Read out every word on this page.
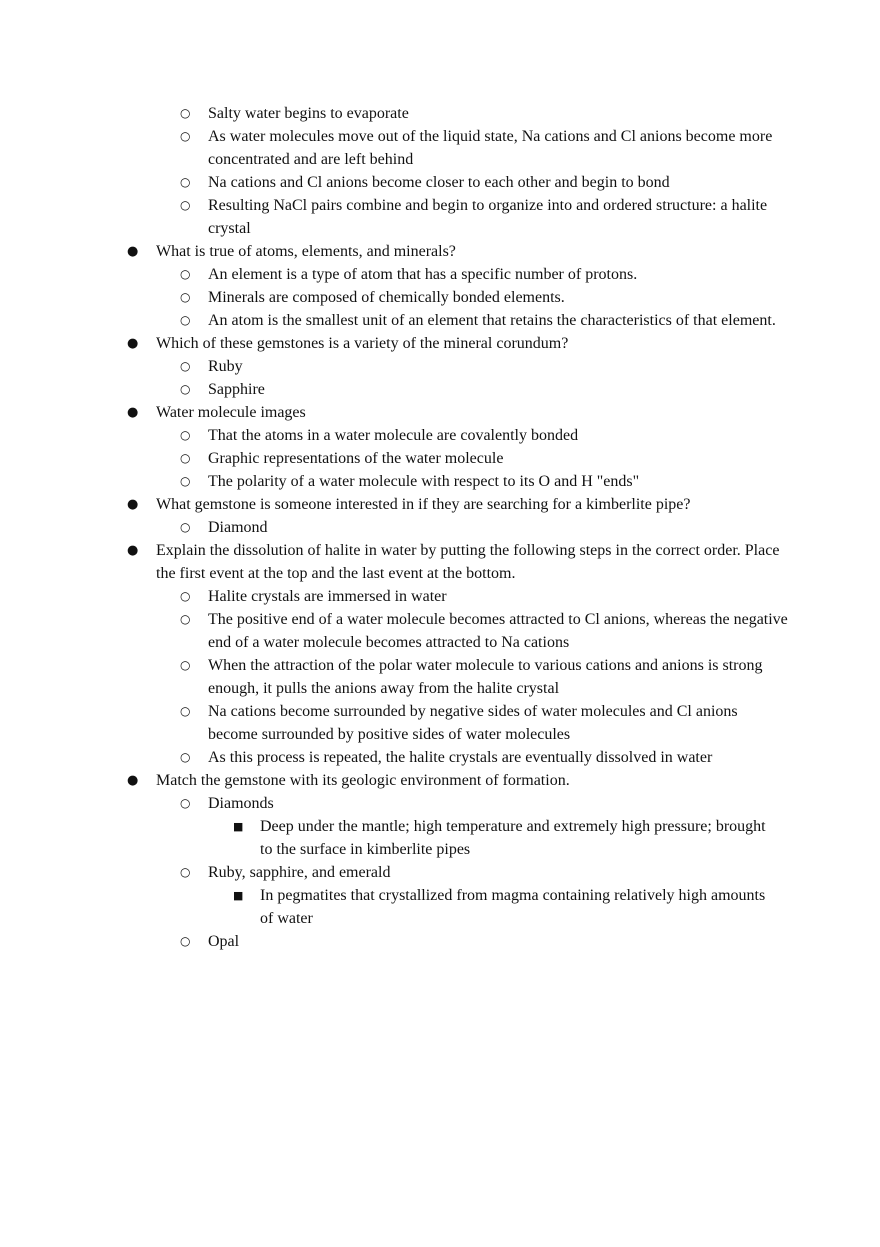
○ Salty water begins to evaporate
○ As water molecules move out of the liquid state, Na cations and Cl anions become more concentrated and are left behind
○ Na cations and Cl anions become closer to each other and begin to bond
○ Resulting NaCl pairs combine and begin to organize into and ordered structure: a halite crystal
● What is true of atoms, elements, and minerals?
○ An element is a type of atom that has a specific number of protons.
○ Minerals are composed of chemically bonded elements.
○ An atom is the smallest unit of an element that retains the characteristics of that element.
● Which of these gemstones is a variety of the mineral corundum?
○ Ruby
○ Sapphire
● Water molecule images
○ That the atoms in a water molecule are covalently bonded
○ Graphic representations of the water molecule
○ The polarity of a water molecule with respect to its O and H "ends"
● What gemstone is someone interested in if they are searching for a kimberlite pipe?
○ Diamond
● Explain the dissolution of halite in water by putting the following steps in the correct order. Place the first event at the top and the last event at the bottom.
○ Halite crystals are immersed in water
○ The positive end of a water molecule becomes attracted to Cl anions, whereas the negative end of a water molecule becomes attracted to Na cations
○ When the attraction of the polar water molecule to various cations and anions is strong enough, it pulls the anions away from the halite crystal
○ Na cations become surrounded by negative sides of water molecules and Cl anions become surrounded by positive sides of water molecules
○ As this process is repeated, the halite crystals are eventually dissolved in water
● Match the gemstone with its geologic environment of formation.
○ Diamonds
■ Deep under the mantle; high temperature and extremely high pressure; brought to the surface in kimberlite pipes
○ Ruby, sapphire, and emerald
■ In pegmatites that crystallized from magma containing relatively high amounts of water
○ Opal
